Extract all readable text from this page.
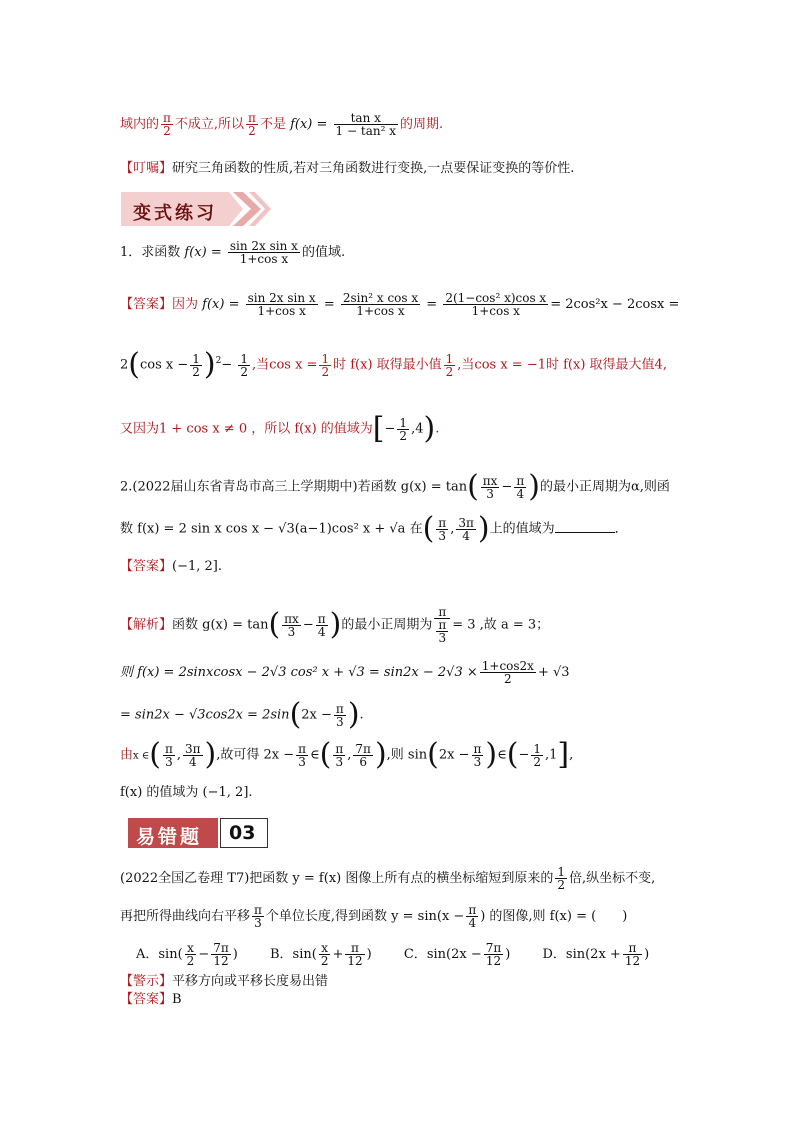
域内的 $\frac{\pi}{2}$ 不成立,所以 $\frac{\pi}{2}$ 不是 $f(x) = \frac{\text{tan x}}{\text{1 − tan² x}}$ 的周期.
【叮嘱】研究三角函数的性质,若对三角函数进行变换,一点要保证变换的等价性.
变式练习
1．求函数 $f(x) = \frac{\text{sin 2x sin x}}{\text{1+cos x}}$ 的值域.
【答案】因为 $f(x) = \frac{\text{sin 2x sin x}}{\text{1+cos x}} = \frac{\text{2sin² x cos x}}{\text{1+cos x}} = \frac{\text{2(1−cos² x)cos x}}{\text{1+cos x}} = 2\cos^2x - 2\cos x$ =
2(cos $x - \frac{1}{2} )^2- \frac{1}{2}$ ,当$\cos x = \frac{1}{2}$ 时 f(x) 取得最小值 $\frac{1}{2}$ ,当cos x = −1时 f(x) 取得最大值4,
又因为1 + cos x ≠ 0 ，所以 f(x) 的值域为[− $\frac{1}{2} ,4$).
2.(2022届山东省青岛市高三上学期期中)若函数 $g(x) = \tan( \frac{\pi x}{3} - \frac{\pi}{4}$ )的最小正周期为α,则函
数 f(x) = 2 sin x cos x − √3(a−1)cos² x + √a 在( $\frac{\pi}{3}$ , $\frac{3\pi}{4}$ )上的值域为	．
【答案】(−1, 2].
【解析】函数 $g(x) = \tan( \frac{\pi x}{3} - \frac{\pi}{4}$ )的最小正周期为 $\frac{\pi}{\frac{\pi}{3}} = 3$ ,故 a = 3；
则 f(x) = 2sinxcosx − 2√3 cos² $x + √3 = \sin 2x - 2√3 \times \frac{1+\cos 2x}{2} + √3$
= $\sin 2x - √3\cos 2x = 2\sin(2x - \frac{\pi}{3}$ ).
由x ∈( $\frac{\pi}{3}$ , $\frac{3\pi}{4}$ ),故可得 $2x - \frac{\pi}{3}$ ∈( $\frac{\pi}{3}$ , $\frac{7\pi}{6}$ ),则 $\sin(2x - \frac{\pi}{3}$ )∈(− $\frac{1}{2} ,1$],
f(x) 的值域为 (−1, 2].
易错题 03
(2022全国乙卷理 T7)把函数 y = f(x) 图像上所有点的横坐标缩短到原来的 $\frac{1}{2}$ 倍,纵坐标不变,
再把所得曲线向右平移 $\frac{\pi}{3}$ 个单位长度,得到函数 $y = \sin(x - \frac{\pi}{4}$ ) 的图像,则 f(x) = (　　)
A．$\sin( \frac{x}{2} - \frac{7\pi}{12}$ ) B．$\sin( \frac{x}{2} + \frac{\pi}{12}$ ) C．$\sin(2x - \frac{7\pi}{12}$ ) D．$\sin(2x + \frac{\pi}{12}$ )
【警示】平移方向或平移长度易出错
【答案】B
